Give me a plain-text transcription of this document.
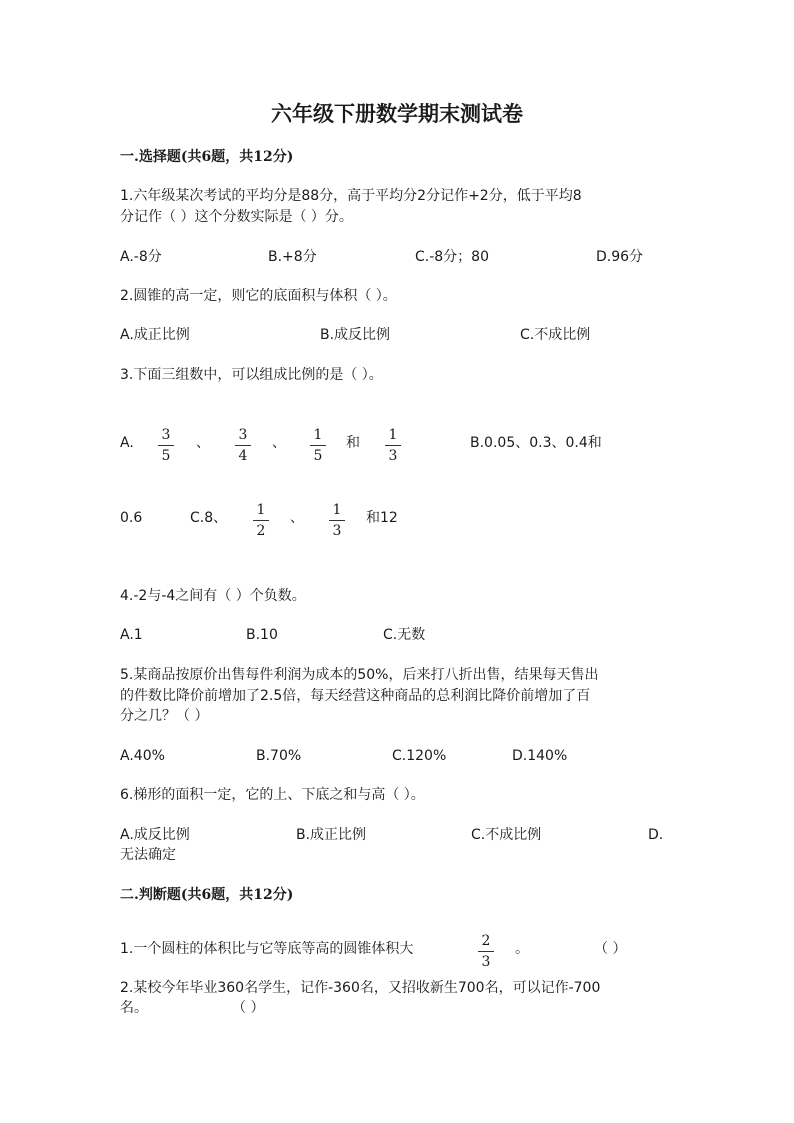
六年级下册数学期末测试卷
一.选择题(共6题，共12分)
1.六年级某次考试的平均分是88分，高于平均分2分记作+2分，低于平均8
分记作（ ）这个分数实际是（ ）分。
A.-8分	B.+8分	C.-8分；80	D.96分
2.圆锥的高一定，则它的底面积与体积（ ）。
A.成正比例	B.成反比例	C.不成比例
3.下面三组数中，可以组成比例的是（ ）。
A.	3
5
、	3
4
、	1
5
和	1
3
B.0.05、0.3、0.4和
0.6	C.8、	1
2
、	1
3
和12
4.-2与-4之间有（ ）个负数。
A.1	B.10	C.无数
5.某商品按原价出售每件利润为成本的50%，后来打八折出售，结果每天售出
的件数比降价前增加了2.5倍，每天经营这种商品的总利润比降价前增加了百
分之几？（ ）
A.40%	B.70%	C.120%	D.140%
6.梯形的面积一定，它的上、下底之和与高（ ）。
A.成反比例	B.成正比例	C.不成比例	D.
无法确定
二.判断题(共6题，共12分)
1.一个圆柱的体积比与它等底等高的圆锥体积大	2
3
。	（ ）
2.某校今年毕业360名学生，记作-360名，又招收新生700名，可以记作-700
名。	（ ）
